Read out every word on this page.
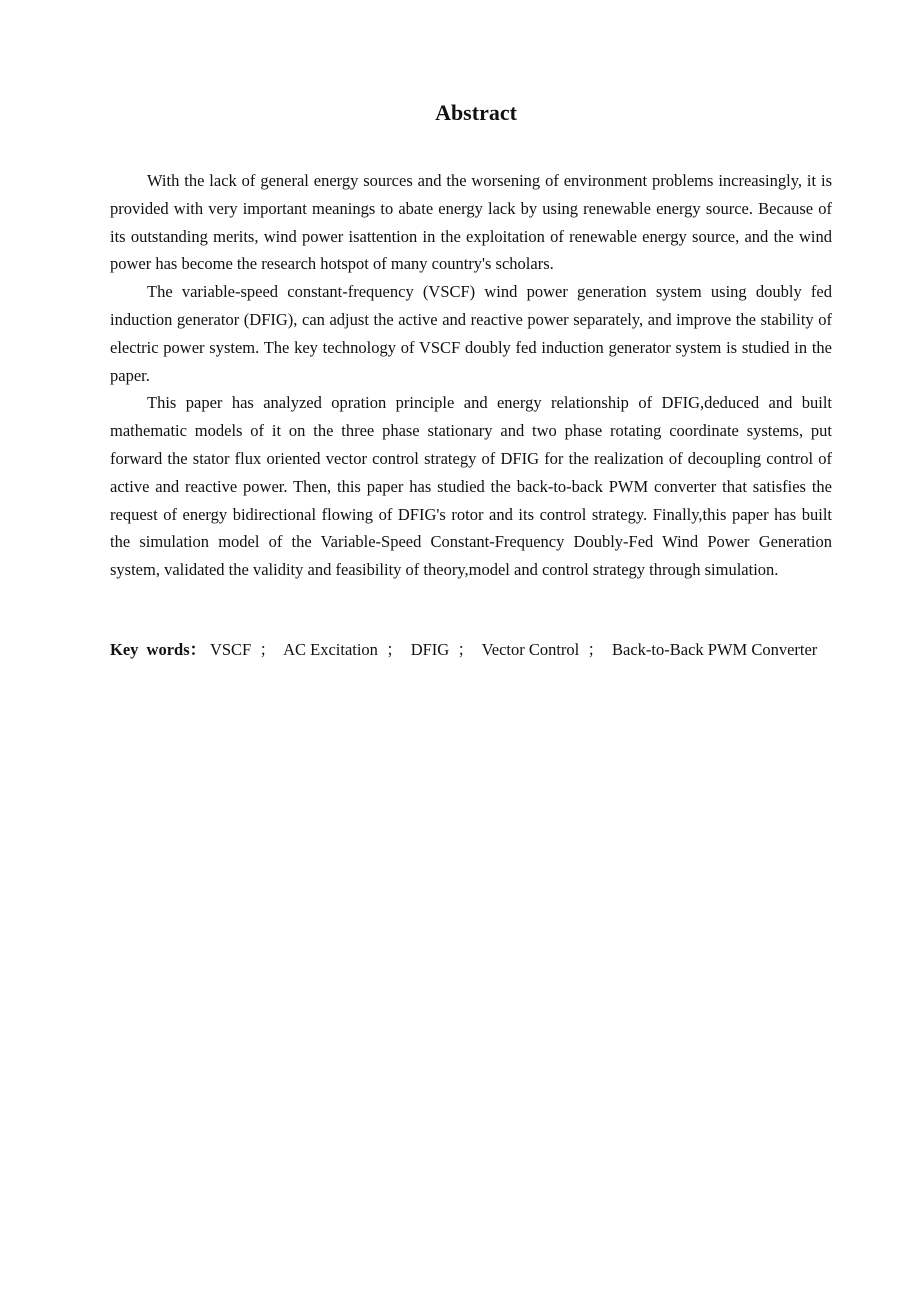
Abstract

With the lack of general energy sources and the worsening of environment problems increasingly, it is provided with very important meanings to abate energy lack by using renewable energy source. Because of its outstanding merits, wind power isattention in the exploitation of renewable energy source, and the wind power has become the research hotspot of many country's scholars.

The variable-speed constant-frequency (VSCF) wind power generation system using doubly fed induction generator (DFIG), can adjust the active and reactive power separately, and improve the stability of electric power system. The key technology of VSCF doubly fed induction generator system is studied in the paper.

This paper has analyzed opration principle and energy relationship of DFIG,deduced and built mathematic models of it on the three phase stationary and two phase rotating coordinate systems, put forward the stator flux oriented vector control strategy of DFIG for the realization of decoupling control of active and reactive power. Then, this paper has studied the back-to-back PWM converter that satisfies the request of energy bidirectional flowing of DFIG's rotor and its control strategy. Finally,this paper has built the simulation model of the Variable-Speed Constant-Frequency Doubly-Fed Wind Power Generation system, validated the validity and feasibility of theory,model and control strategy through simulation.

Key words： VSCF ； AC Excitation ； DFIG ； Vector Control ； Back-to-Back PWM Converter
